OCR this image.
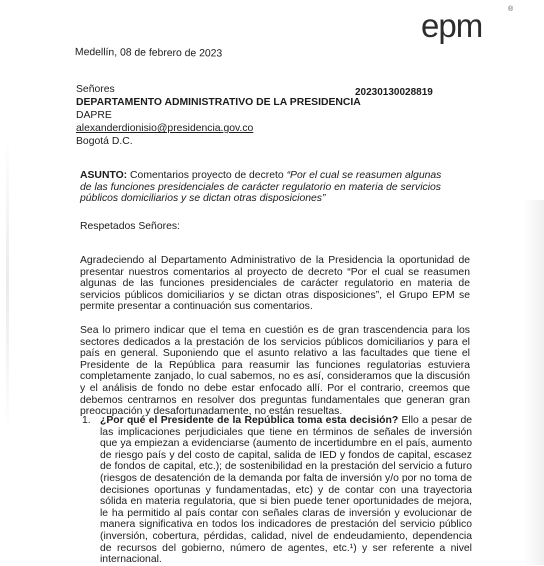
epm	®
Medellín, 08 de febrero de 2023
Señores
DEPARTAMENTO ADMINISTRATIVO DE LA PRESIDENCIA
DAPRE
alexanderdionisio@presidencia.gov.co
Bogotá D.C.
20230130028819
ASUNTO: Comentarios proyecto de decreto “Por el cual se reasumen algunas de las funciones presidenciales de carácter regulatorio en materia de servicios públicos domiciliarios y se dictan otras disposiciones”
Respetados Señores:
Agradeciendo al Departamento Administrativo de la Presidencia la oportunidad de presentar nuestros comentarios al proyecto de decreto “Por el cual se reasumen algunas de las funciones presidenciales de carácter regulatorio en materia de servicios públicos domiciliarios y se dictan otras disposiciones”, el Grupo EPM se permite presentar a continuación sus comentarios.
Sea lo primero indicar que el tema en cuestión es de gran trascendencia para los sectores dedicados a la prestación de los servicios públicos domiciliarios y para el país en general. Suponiendo que el asunto relativo a las facultades que tiene el Presidente de la República para reasumir las funciones regulatorias estuviera completamente zanjado, lo cual sabemos, no es así, consideramos que la discusión y el análisis de fondo no debe estar enfocado allí. Por el contrario, creemos que debemos centrarnos en resolver dos preguntas fundamentales que generan gran preocupación y desafortunadamente, no están resueltas.
1. ¿Por qué el Presidente de la República toma esta decisión? Ello a pesar de las implicaciones perjudiciales que tiene en términos de señales de inversión que ya empiezan a evidenciarse (aumento de incertidumbre en el país, aumento de riesgo país y del costo de capital, salida de IED y fondos de capital, escasez de fondos de capital, etc.); de sostenibilidad en la prestación del servicio a futuro (riesgos de desatención de la demanda por falta de inversión y/o por no toma de decisiones oportunas y fundamentadas, etc) y de contar con una trayectoria sólida en materia regulatoria, que si bien puede tener oportunidades de mejora, le ha permitido al país contar con señales claras de inversión y evolucionar de manera significativa en todos los indicadores de prestación del servicio público (inversión, cobertura, pérdidas, calidad, nivel de endeudamiento, dependencia de recursos del gobierno, número de agentes, etc.¹) y ser referente a nivel internacional.
